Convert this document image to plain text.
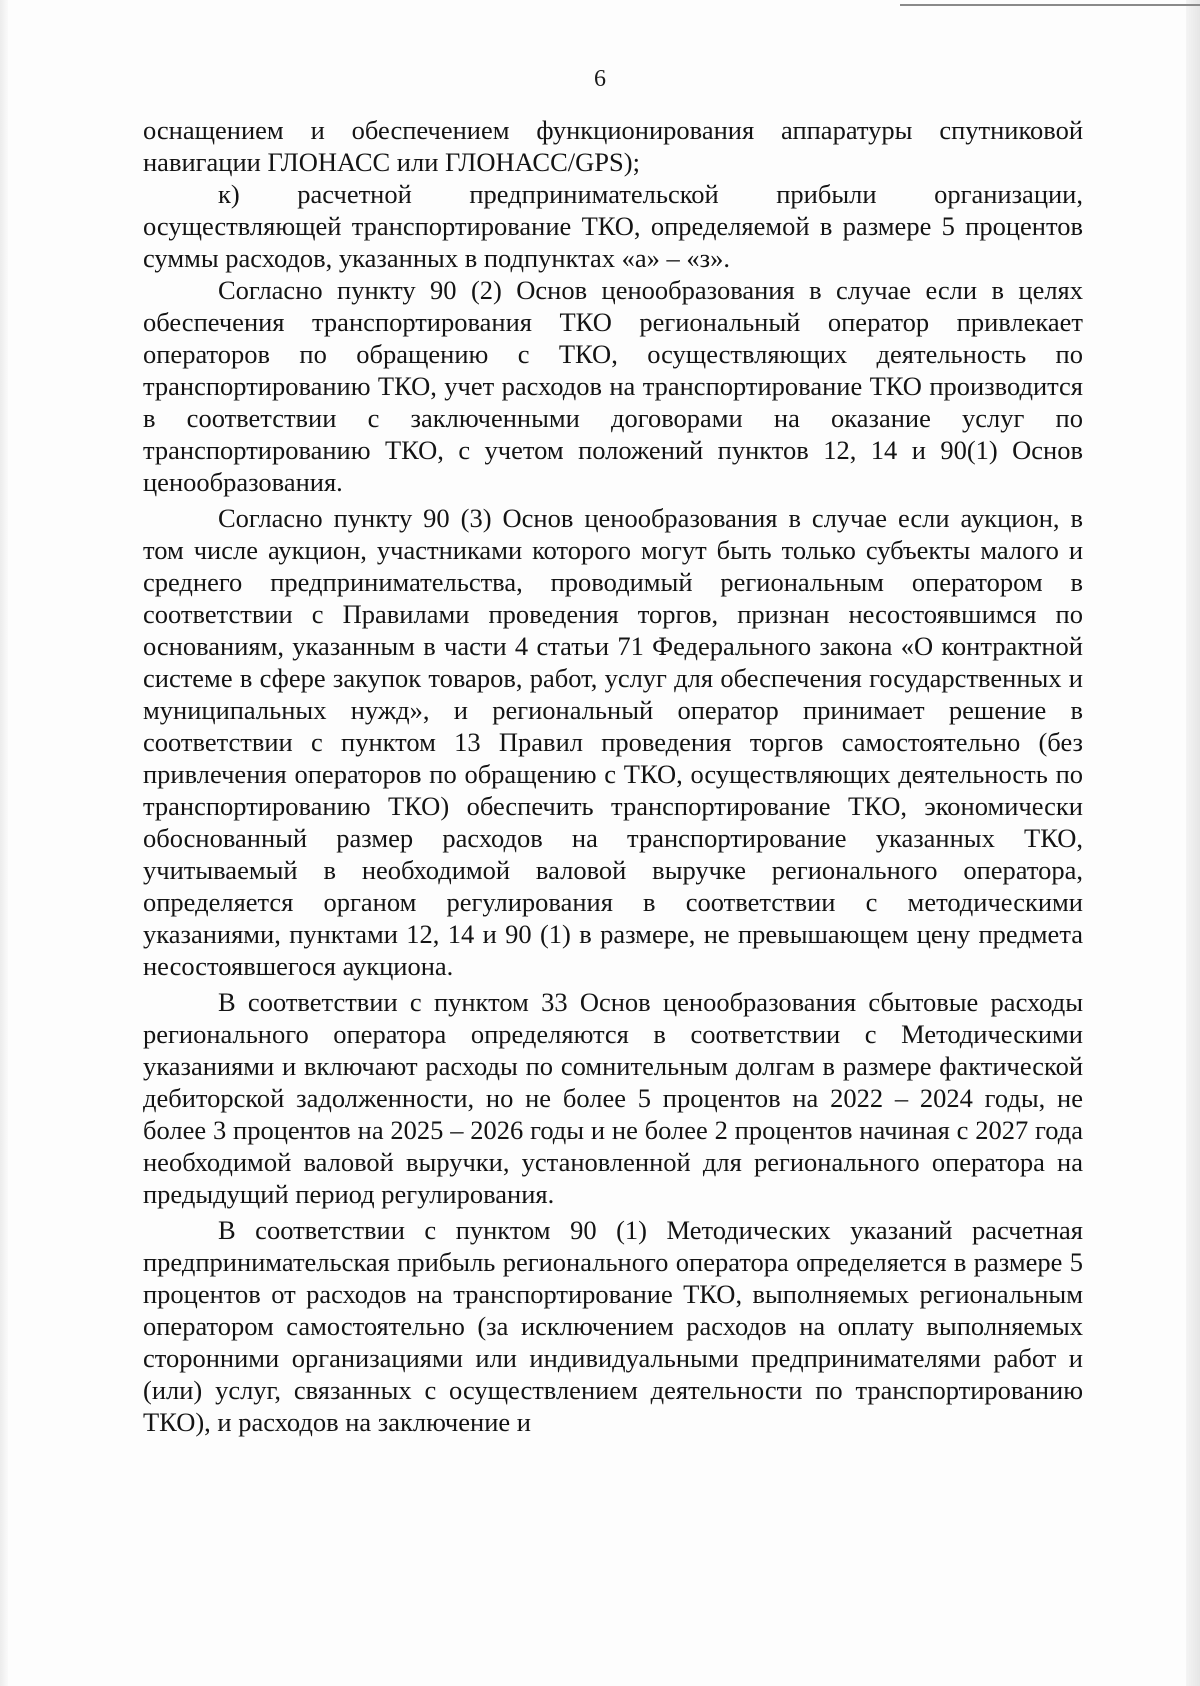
6

оснащением и обеспечением функционирования аппаратуры спутниковой навигации ГЛОНАСС или ГЛОНАСС/GPS);

к) расчетной предпринимательской прибыли организации, осуществляющей транспортирование ТКО, определяемой в размере 5 процентов суммы расходов, указанных в подпунктах «а» – «з».

Согласно пункту 90 (2) Основ ценообразования в случае если в целях обеспечения транспортирования ТКО региональный оператор привлекает операторов по обращению с ТКО, осуществляющих деятельность по транспортированию ТКО, учет расходов на транспортирование ТКО производится в соответствии с заключенными договорами на оказание услуг по транспортированию ТКО, с учетом положений пунктов 12, 14 и 90(1) Основ ценообразования.

Согласно пункту 90 (3) Основ ценообразования в случае если аукцион, в том числе аукцион, участниками которого могут быть только субъекты малого и среднего предпринимательства, проводимый региональным оператором в соответствии с Правилами проведения торгов, признан несостоявшимся по основаниям, указанным в части 4 статьи 71 Федерального закона «О контрактной системе в сфере закупок товаров, работ, услуг для обеспечения государственных и муниципальных нужд», и региональный оператор принимает решение в соответствии с пунктом 13 Правил проведения торгов самостоятельно (без привлечения операторов по обращению с ТКО, осуществляющих деятельность по транспортированию ТКО) обеспечить транспортирование ТКО, экономически обоснованный размер расходов на транспортирование указанных ТКО, учитываемый в необходимой валовой выручке регионального оператора, определяется органом регулирования в соответствии с методическими указаниями, пунктами 12, 14 и 90 (1) в размере, не превышающем цену предмета несостоявшегося аукциона.

В соответствии с пунктом 33 Основ ценообразования сбытовые расходы регионального оператора определяются в соответствии с Методическими указаниями и включают расходы по сомнительным долгам в размере фактической дебиторской задолженности, но не более 5 процентов на 2022 – 2024 годы, не более 3 процентов на 2025 – 2026 годы и не более 2 процентов начиная с 2027 года необходимой валовой выручки, установленной для регионального оператора на предыдущий период регулирования.

В соответствии с пунктом 90 (1) Методических указаний расчетная предпринимательская прибыль регионального оператора определяется в размере 5 процентов от расходов на транспортирование ТКО, выполняемых региональным оператором самостоятельно (за исключением расходов на оплату выполняемых сторонними организациями или индивидуальными предпринимателями работ и (или) услуг, связанных с осуществлением деятельности по транспортированию ТКО), и расходов на заключение и
